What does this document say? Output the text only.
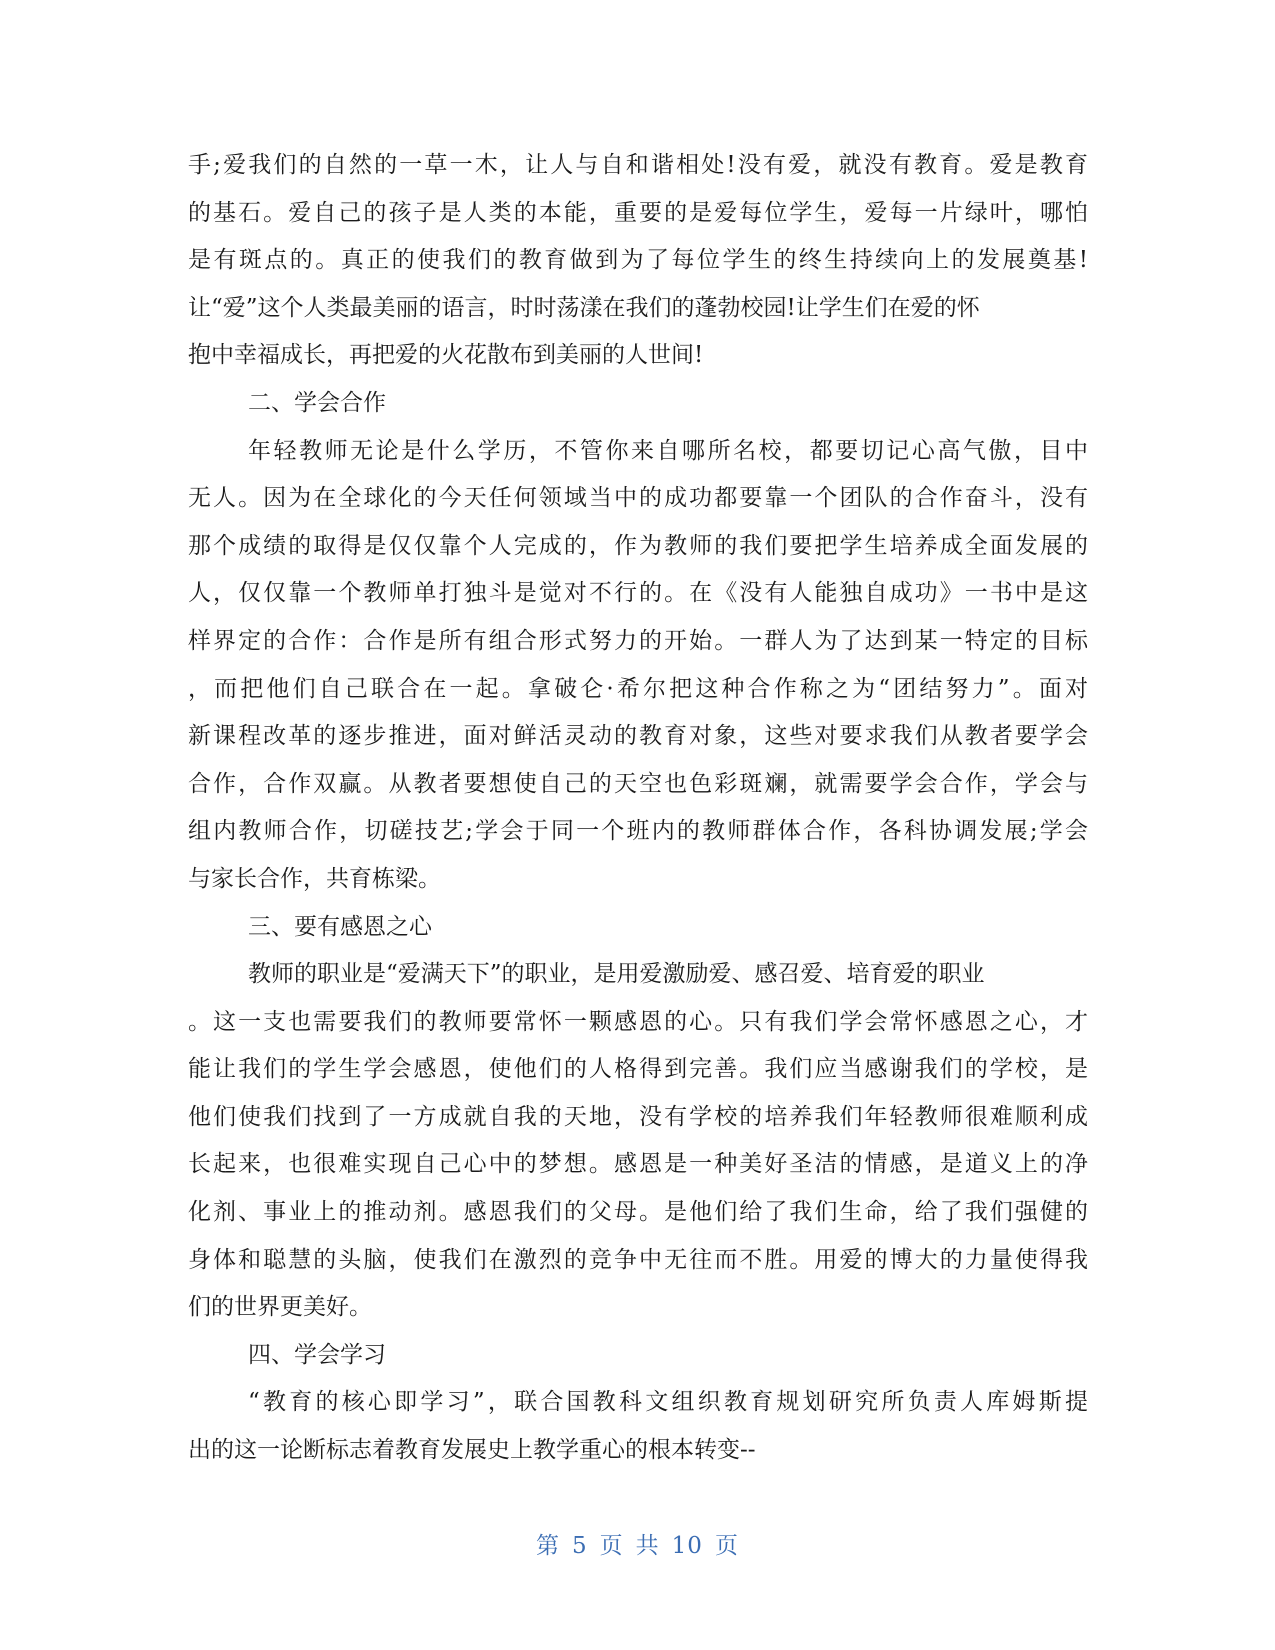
手;爱我们的自然的一草一木，让人与自和谐相处!没有爱，就没有教育。爱是教育
的基石。爱自己的孩子是人类的本能，重要的是爱每位学生，爱每一片绿叶，哪怕
是有斑点的。真正的使我们的教育做到为了每位学生的终生持续向上的发展奠基!
让“爱”这个人类最美丽的语言，时时荡漾在我们的蓬勃校园!让学生们在爱的怀
抱中幸福成长，再把爱的火花散布到美丽的人世间!
二、学会合作
年轻教师无论是什么学历，不管你来自哪所名校，都要切记心高气傲，目中
无人。因为在全球化的今天任何领域当中的成功都要靠一个团队的合作奋斗，没有
那个成绩的取得是仅仅靠个人完成的，作为教师的我们要把学生培养成全面发展的
人，仅仅靠一个教师单打独斗是觉对不行的。在《没有人能独自成功》一书中是这
样界定的合作：合作是所有组合形式努力的开始。一群人为了达到某一特定的目标
，而把他们自己联合在一起。拿破仑·希尔把这种合作称之为“团结努力”。面对
新课程改革的逐步推进，面对鲜活灵动的教育对象，这些对要求我们从教者要学会
合作，合作双赢。从教者要想使自己的天空也色彩斑斓，就需要学会合作，学会与
组内教师合作，切磋技艺;学会于同一个班内的教师群体合作，各科协调发展;学会
与家长合作，共育栋梁。
三、要有感恩之心
教师的职业是“爱满天下”的职业，是用爱激励爱、感召爱、培育爱的职业
。这一支也需要我们的教师要常怀一颗感恩的心。只有我们学会常怀感恩之心，才
能让我们的学生学会感恩，使他们的人格得到完善。我们应当感谢我们的学校，是
他们使我们找到了一方成就自我的天地，没有学校的培养我们年轻教师很难顺利成
长起来，也很难实现自己心中的梦想。感恩是一种美好圣洁的情感，是道义上的净
化剂、事业上的推动剂。感恩我们的父母。是他们给了我们生命，给了我们强健的
身体和聪慧的头脑，使我们在激烈的竞争中无往而不胜。用爱的博大的力量使得我
们的世界更美好。
四、学会学习
“教育的核心即学习”，联合国教科文组织教育规划研究所负责人库姆斯提
出的这一论断标志着教育发展史上教学重心的根本转变--
第 5 页 共 10 页
